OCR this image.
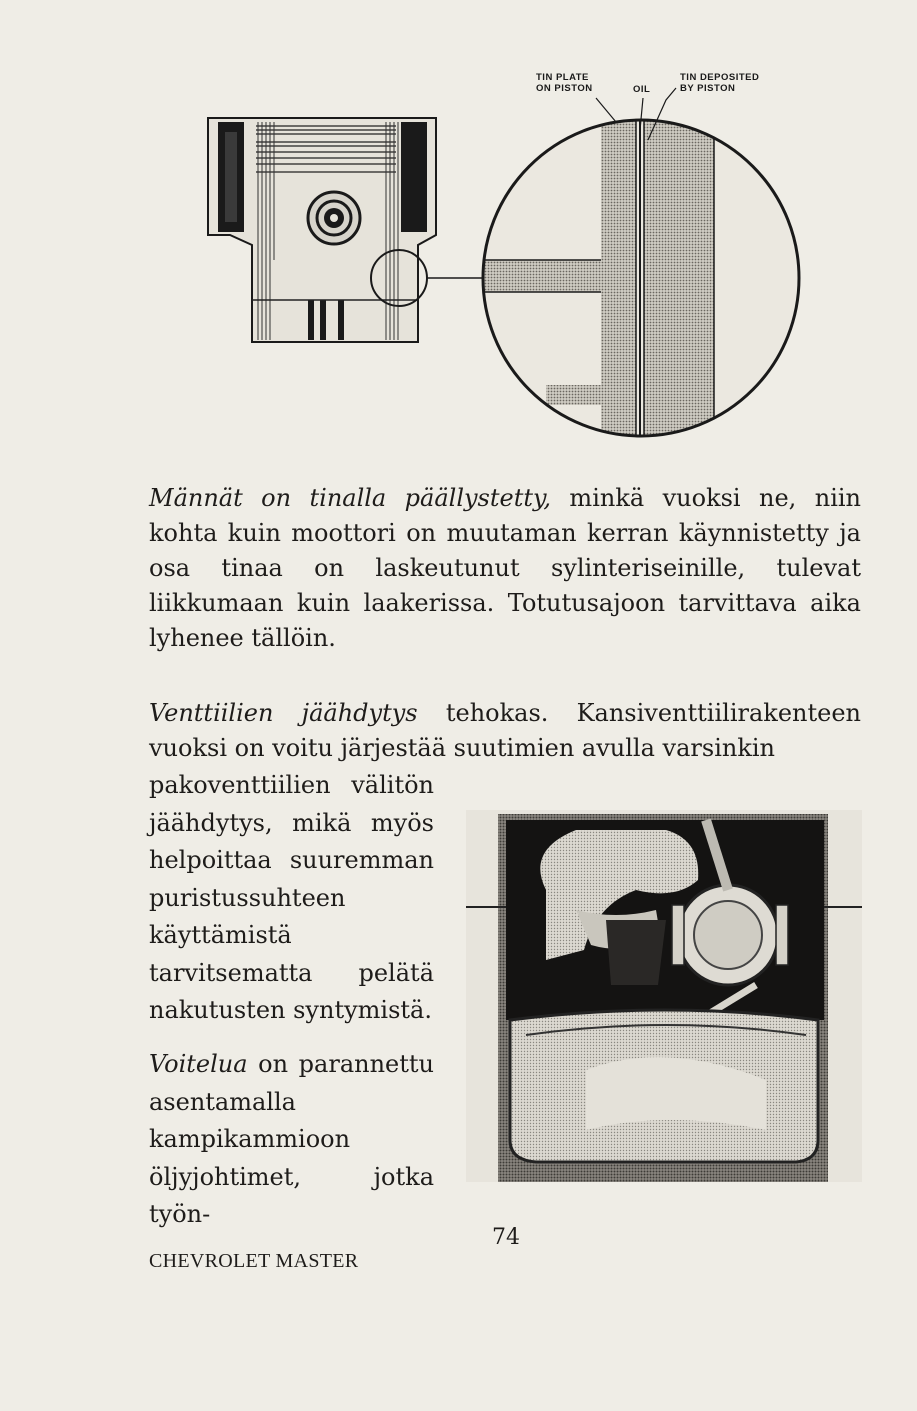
TIN PLATE
ON PISTON	OIL
TIN DEPOSITED
BY PISTON

Männät on tinalla päällystetty, minkä vuoksi ne, niin kohta kuin moottori on muutaman kerran käynnistetty ja osa tinaa on laskeutunut sylinteriseinille, tulevat liikkumaan kuin laakerissa. Totutusajoon tarvittava aika lyhenee tällöin.

Venttiilien jäähdytys tehokas. Kansiventtiilirakenteen vuoksi on voitu järjestää suutimien avulla varsinkin

pakoventtiilien välitön jäähdytys, mikä myös helpoittaa suuremman puristussuhteen käyttämistä tarvitsematta pelätä nakutusten syntymistä.

Voitelua on parannettu asentamalla kampikammioon öljyjohtimet, jotka työn-

74
CHEVROLET MASTER
